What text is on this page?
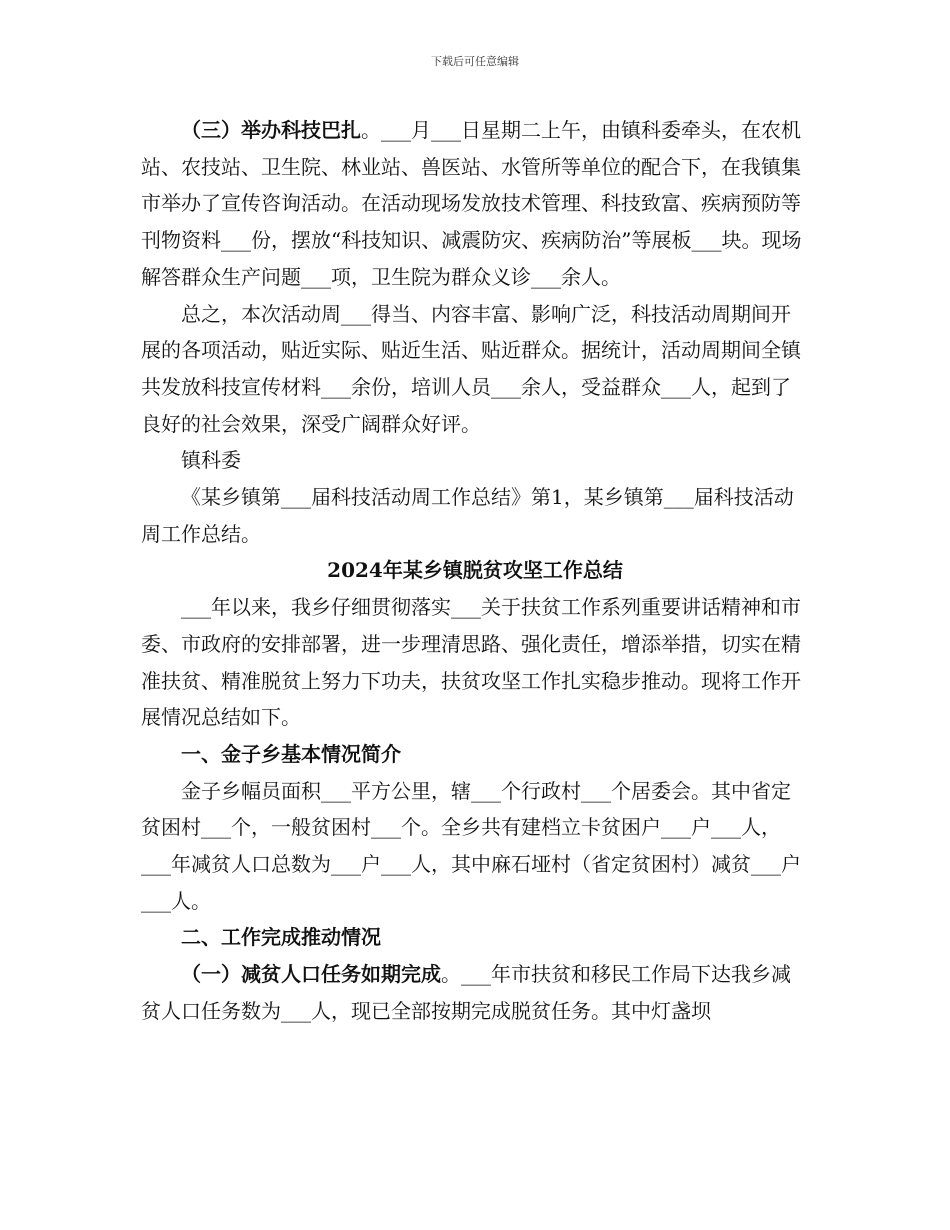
下载后可任意编辑

（三）举办科技巴扎。___月___日星期二上午，由镇科委牵头，在农机站、农技站、卫生院、林业站、兽医站、水管所等单位的配合下，在我镇集市举办了宣传咨询活动。在活动现场发放技术管理、科技致富、疾病预防等刊物资料___份，摆放“科技知识、减震防灾、疾病防治”等展板___块。现场解答群众生产问题___项，卫生院为群众义诊___余人。

总之，本次活动周___得当、内容丰富、影响广泛，科技活动周期间开展的各项活动，贴近实际、贴近生活、贴近群众。据统计，活动周期间全镇共发放科技宣传材料___余份，培训人员___余人，受益群众___人，起到了良好的社会效果，深受广阔群众好评。

镇科委

《某乡镇第___届科技活动周工作总结》第1，某乡镇第___届科技活动周工作总结。

2024年某乡镇脱贫攻坚工作总结

___年以来，我乡仔细贯彻落实___关于扶贫工作系列重要讲话精神和市委、市政府的安排部署，进一步理清思路、强化责任，增添举措，切实在精准扶贫、精准脱贫上努力下功夫，扶贫攻坚工作扎实稳步推动。现将工作开展情况总结如下。

一、金子乡基本情况简介

金子乡幅员面积___平方公里，辖___个行政村___个居委会。其中省定贫困村___个，一般贫困村___个。全乡共有建档立卡贫困户___户___人，___年减贫人口总数为___户___人，其中麻石垭村（省定贫困村）减贫___户___人。

二、工作完成推动情况

（一）减贫人口任务如期完成。___年市扶贫和移民工作局下达我乡减贫人口任务数为___人，现已全部按期完成脱贫任务。其中灯盏坝
